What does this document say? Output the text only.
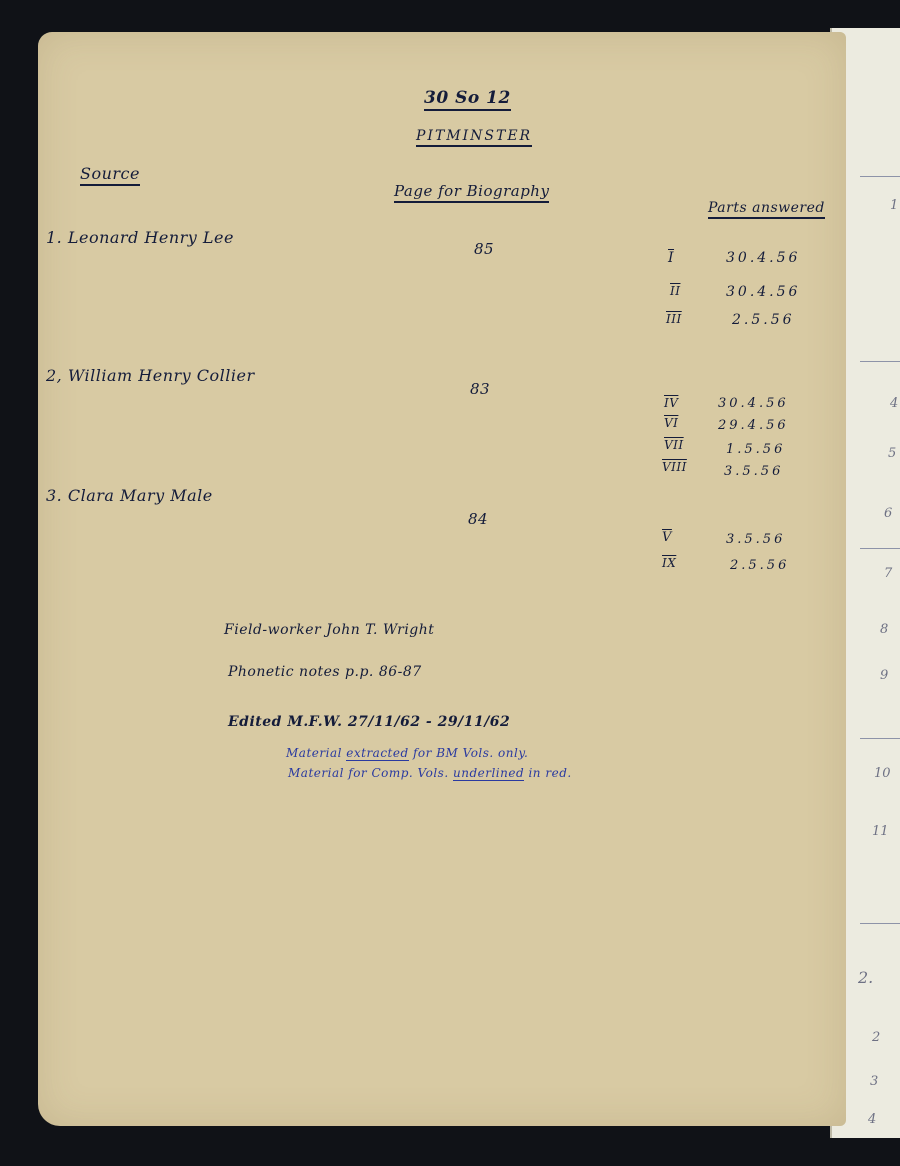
1
4
5
6
7
8
9
10
11
2.
2
3
4
30 So 12
PITMINSTER
Source
Page for Biography
Parts answered
1. Leonard Henry Lee
85
2, William Henry Collier
83
3. Clara Mary Male
84
$\overline{I}$	30.4.56
$\overline{II}$	30.4.56
$\overline{III}$	2.5.56
$\overline{IV}$	30.4.56
$\overline{VI}$	29.4.56
$\overline{VII}$	1.5.56
VIII	3.5.56
$\overline{V}$	3.5.56
$\overline{IX}$	2.5.56
Field-worker John T. Wright
Phonetic notes p.p. 86-87
Edited M.F.W. 27/11/62 - 29/11/62
Material extracted for BM Vols. only.
Material for Comp. Vols. underlined in red.
